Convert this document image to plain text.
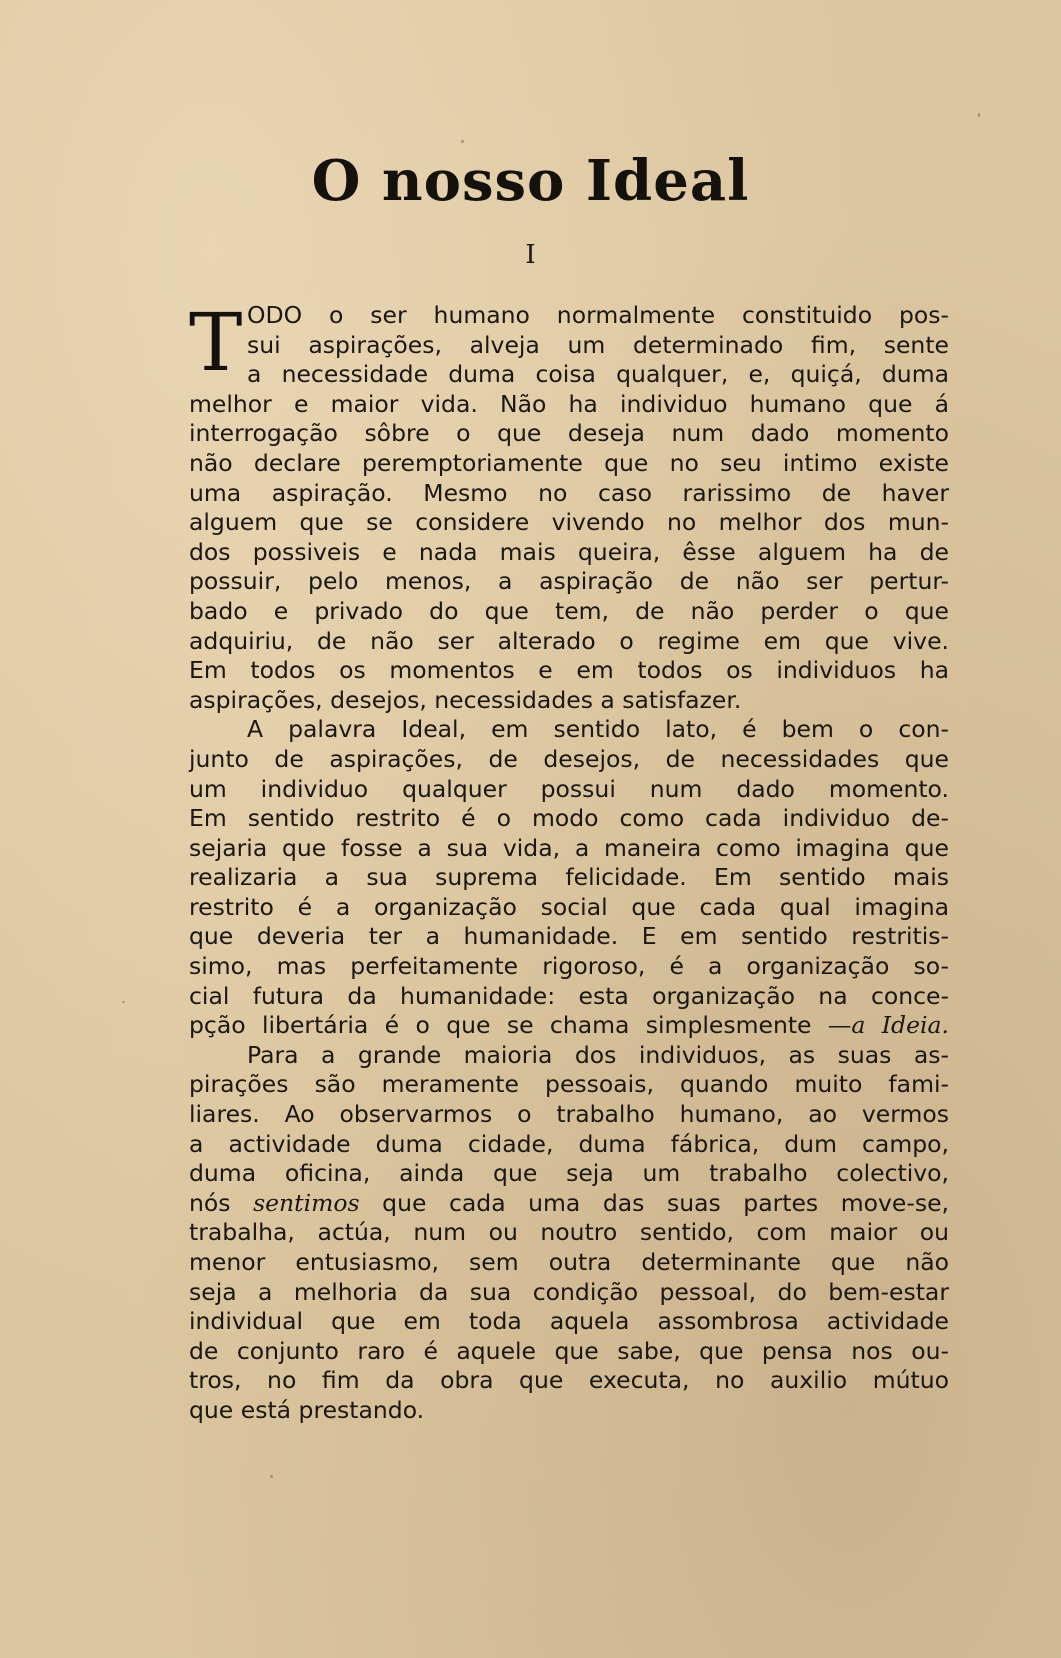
O nosso Ideal
I
T ODO o ser humano normalmente constituido pos-
sui aspirações, alveja um determinado fim, sente
a necessidade duma coisa qualquer, e, quiçá, duma
melhor e maior vida. Não ha individuo humano que á
interrogação sôbre o que deseja num dado momento
não declare peremptoriamente que no seu intimo existe
uma aspiração. Mesmo no caso rarissimo de haver
alguem que se considere vivendo no melhor dos mun-
dos possiveis e nada mais queira, êsse alguem ha de
possuir, pelo menos, a aspiração de não ser pertur-
bado e privado do que tem, de não perder o que
adquiriu, de não ser alterado o regime em que vive.
Em todos os momentos e em todos os individuos ha
aspirações, desejos, necessidades a satisfazer.
A palavra Ideal, em sentido lato, é bem o con-
junto de aspirações, de desejos, de necessidades que
um individuo qualquer possui num dado momento.
Em sentido restrito é o modo como cada individuo de-
sejaria que fosse a sua vida, a maneira como imagina que
realizaria a sua suprema felicidade. Em sentido mais
restrito é a organização social que cada qual imagina
que deveria ter a humanidade. E em sentido restritis-
simo, mas perfeitamente rigoroso, é a organização so-
cial futura da humanidade: esta organização na conce-
pção libertária é o que se chama simplesmente —a Ideia.
Para a grande maioria dos individuos, as suas as-
pirações são meramente pessoais, quando muito fami-
liares. Ao observarmos o trabalho humano, ao vermos
a actividade duma cidade, duma fábrica, dum campo,
duma oficina, ainda que seja um trabalho colectivo,
nós sentimos que cada uma das suas partes move-se,
trabalha, actúa, num ou noutro sentido, com maior ou
menor entusiasmo, sem outra determinante que não
seja a melhoria da sua condição pessoal, do bem-estar
individual que em toda aquela assombrosa actividade
de conjunto raro é aquele que sabe, que pensa nos ou-
tros, no fim da obra que executa, no auxilio mútuo
que está prestando.
